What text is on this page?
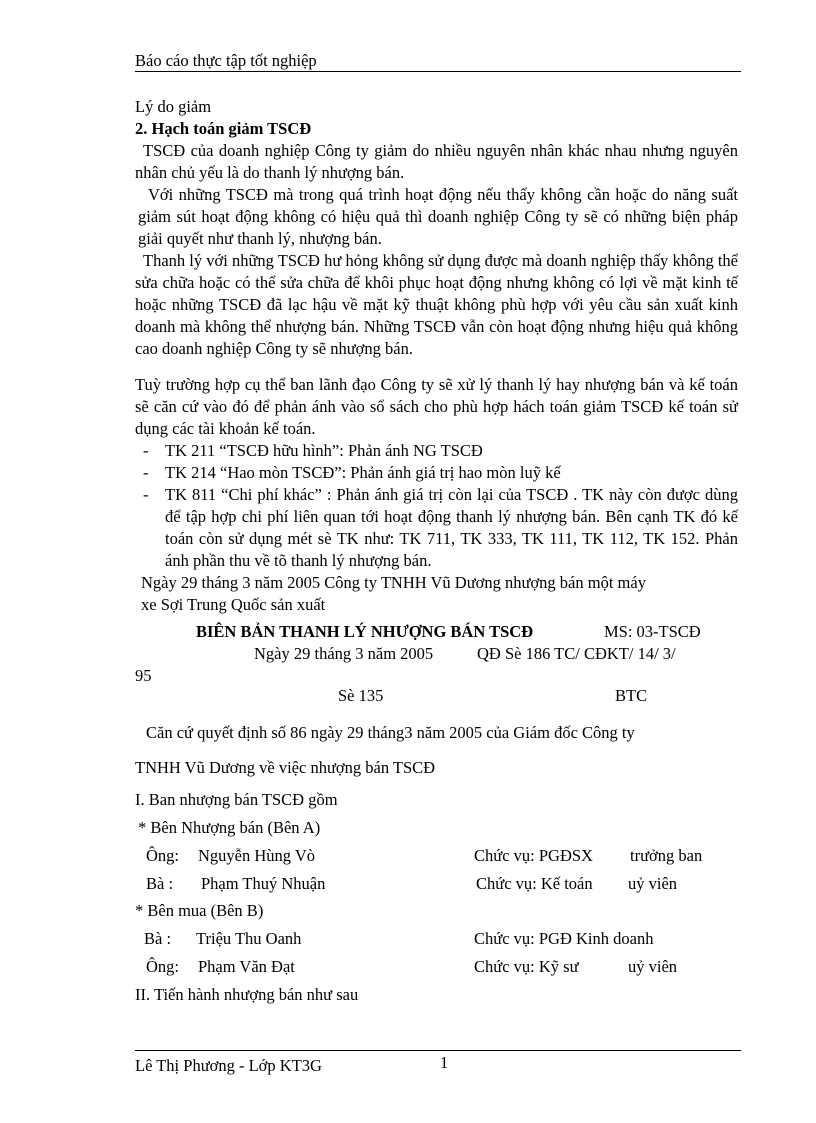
Báo cáo thực tập tốt nghiệp
Lý do giảm
2. Hạch toán giảm TSCĐ
TSCĐ của doanh nghiệp Công ty giảm do nhiều nguyên nhân khác nhau nhưng nguyên nhân chủ yếu là do thanh lý nhượng bán.
Với những TSCĐ mà trong quá trình hoạt động nếu thấy không cần hoặc do năng suất giảm sút hoạt động không có hiệu quả thì doanh nghiệp Công ty sẽ có những biện pháp giải quyết như thanh lý, nhượng bán.
Thanh lý với những TSCĐ hư hỏng không sử dụng được mà doanh nghiệp thấy không thể sửa chữa hoặc có thể sửa chữa để khôi phục hoạt động nhưng không có lợi về mặt kinh tế hoặc những TSCĐ đã lạc hậu về mặt kỹ thuật không phù hợp với yêu cầu sản xuất kinh doanh mà không thể nhượng bán. Những TSCĐ vẫn còn hoạt động nhưng hiệu quả không cao doanh nghiệp Công ty sẽ nhượng bán.
Tuỳ trường hợp cụ thể ban lãnh đạo Công ty sẽ xử lý thanh lý hay nhượng bán và kế toán sẽ căn cứ vào đó để phản ánh vào sổ sách cho phù hợp hách toán giảm TSCĐ kế toán sử dụng các tài khoản kế toán.
- TK 211 “TSCĐ hữu hình”: Phản ánh NG TSCĐ
- TK 214 “Hao mòn TSCĐ”: Phản ánh giá trị hao mòn luỹ kế
- TK 811 “Chi phí khác” : Phản ánh giá trị còn lại của TSCĐ . TK này còn được dùng để tập hợp chi phí liên quan tới hoạt động thanh lý nhượng bán. Bên cạnh TK đó kế toán còn sử dụng mét sè TK như: TK 711, TK 333, TK 111, TK 112, TK 152. Phản ánh phần thu về tõ thanh lý nhượng bán.
Ngày 29 tháng 3 năm 2005 Công ty TNHH Vũ Dương nhượng bán một máy
xe Sợi Trung Quốc sản xuất
BIÊN BẢN THANH LÝ NHƯỢNG BÁN TSCĐ	MS: 03-TSCĐ
Ngày 29 tháng 3 năm 2005	QĐ Sè 186 TC/ CĐKT/ 14/ 3/
95
Sè 135	BTC
Căn cứ quyết định số 86 ngày 29 tháng3 năm 2005 của Giám đốc Công ty
TNHH Vũ Dương về việc nhượng bán TSCĐ
I. Ban nhượng bán TSCĐ gồm
* Bên Nhượng bán (Bên A)
Ông: Nguyễn Hùng Vò	Chức vụ: PGĐSX trưởng ban
Bà : Phạm Thuý Nhuận	Chức vụ: Kế toán uỷ viên
* Bên mua (Bên B)
Bà : Triệu Thu Oanh	Chức vụ: PGĐ Kinh doanh
Ông: Phạm Văn Đạt	Chức vụ: Kỹ sư	uỷ viên
II. Tiến hành nhượng bán như sau
Lê Thị Phương - Lớp KT3G	1
